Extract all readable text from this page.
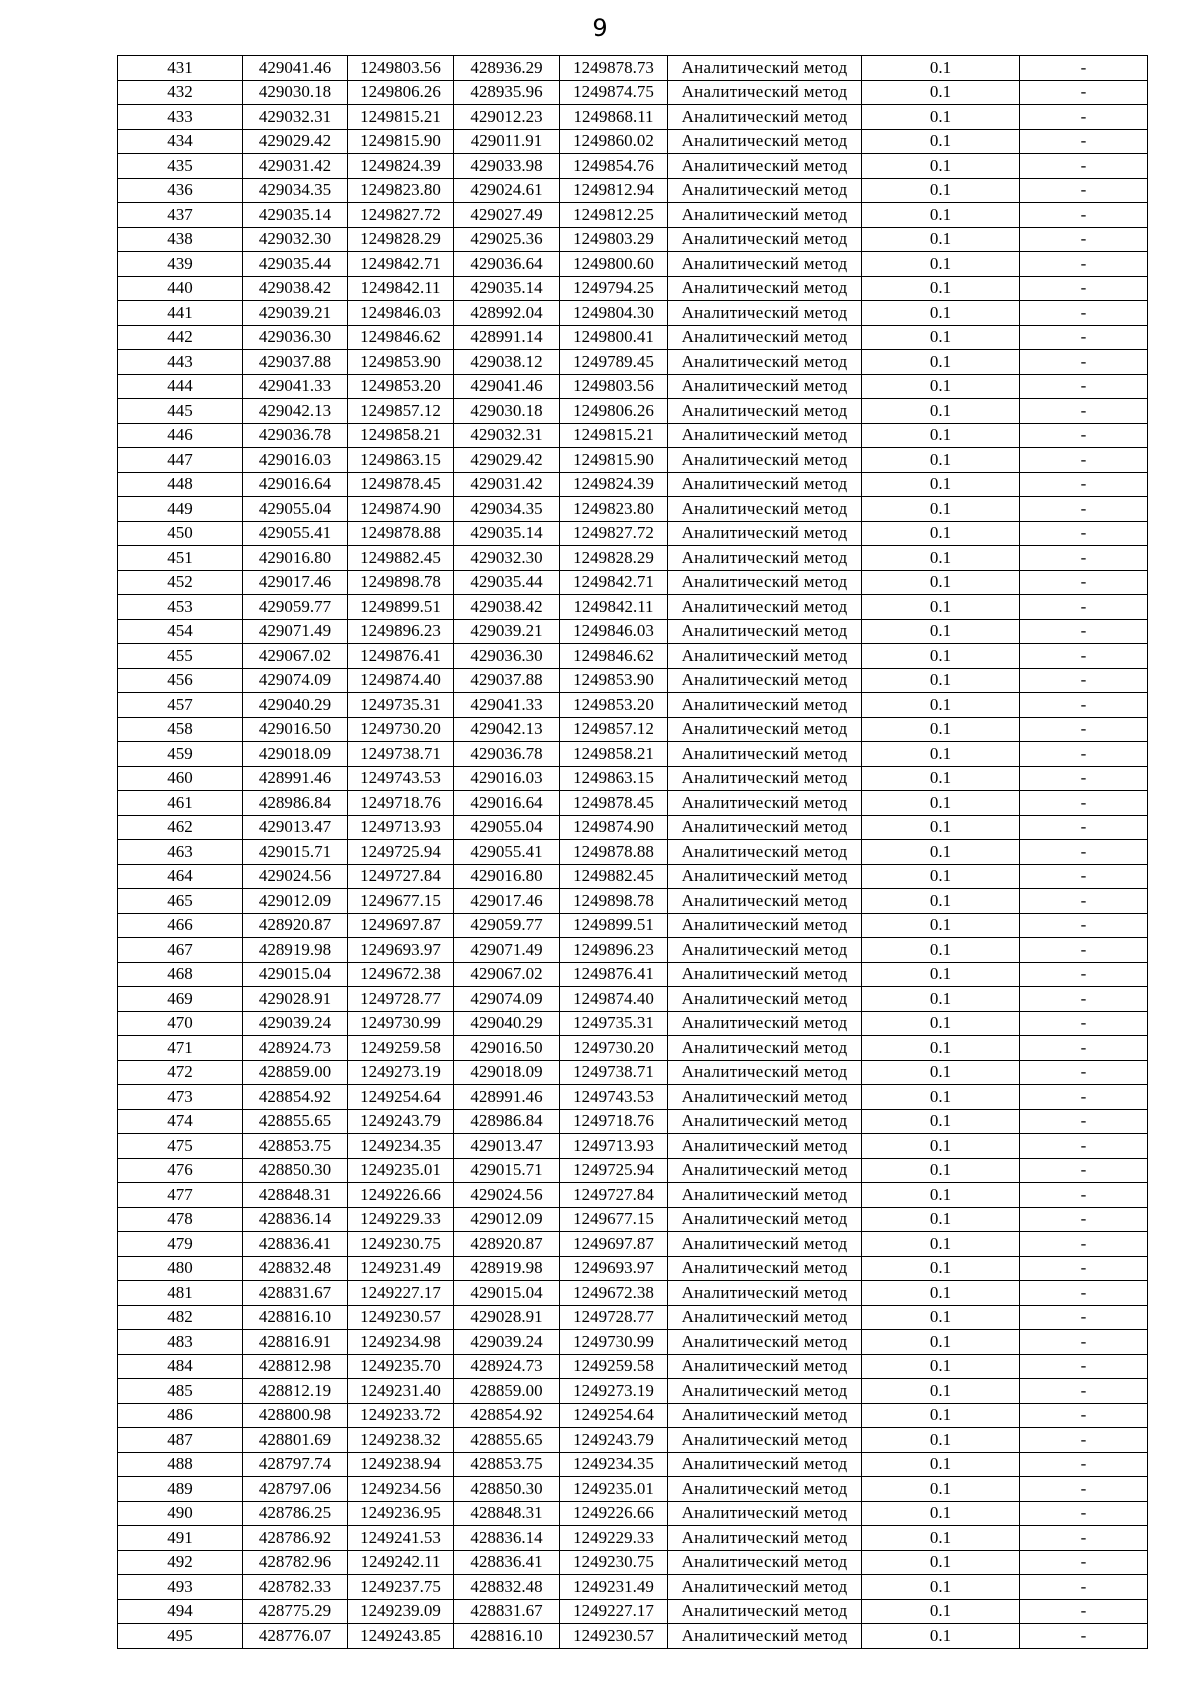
9
431	429041.46	1249803.56	428936.29	1249878.73	Аналитический метод	0.1	-
432	429030.18	1249806.26	428935.96	1249874.75	Аналитический метод	0.1	-
433	429032.31	1249815.21	429012.23	1249868.11	Аналитический метод	0.1	-
434	429029.42	1249815.90	429011.91	1249860.02	Аналитический метод	0.1	-
435	429031.42	1249824.39	429033.98	1249854.76	Аналитический метод	0.1	-
436	429034.35	1249823.80	429024.61	1249812.94	Аналитический метод	0.1	-
437	429035.14	1249827.72	429027.49	1249812.25	Аналитический метод	0.1	-
438	429032.30	1249828.29	429025.36	1249803.29	Аналитический метод	0.1	-
439	429035.44	1249842.71	429036.64	1249800.60	Аналитический метод	0.1	-
440	429038.42	1249842.11	429035.14	1249794.25	Аналитический метод	0.1	-
441	429039.21	1249846.03	428992.04	1249804.30	Аналитический метод	0.1	-
442	429036.30	1249846.62	428991.14	1249800.41	Аналитический метод	0.1	-
443	429037.88	1249853.90	429038.12	1249789.45	Аналитический метод	0.1	-
444	429041.33	1249853.20	429041.46	1249803.56	Аналитический метод	0.1	-
445	429042.13	1249857.12	429030.18	1249806.26	Аналитический метод	0.1	-
446	429036.78	1249858.21	429032.31	1249815.21	Аналитический метод	0.1	-
447	429016.03	1249863.15	429029.42	1249815.90	Аналитический метод	0.1	-
448	429016.64	1249878.45	429031.42	1249824.39	Аналитический метод	0.1	-
449	429055.04	1249874.90	429034.35	1249823.80	Аналитический метод	0.1	-
450	429055.41	1249878.88	429035.14	1249827.72	Аналитический метод	0.1	-
451	429016.80	1249882.45	429032.30	1249828.29	Аналитический метод	0.1	-
452	429017.46	1249898.78	429035.44	1249842.71	Аналитический метод	0.1	-
453	429059.77	1249899.51	429038.42	1249842.11	Аналитический метод	0.1	-
454	429071.49	1249896.23	429039.21	1249846.03	Аналитический метод	0.1	-
455	429067.02	1249876.41	429036.30	1249846.62	Аналитический метод	0.1	-
456	429074.09	1249874.40	429037.88	1249853.90	Аналитический метод	0.1	-
457	429040.29	1249735.31	429041.33	1249853.20	Аналитический метод	0.1	-
458	429016.50	1249730.20	429042.13	1249857.12	Аналитический метод	0.1	-
459	429018.09	1249738.71	429036.78	1249858.21	Аналитический метод	0.1	-
460	428991.46	1249743.53	429016.03	1249863.15	Аналитический метод	0.1	-
461	428986.84	1249718.76	429016.64	1249878.45	Аналитический метод	0.1	-
462	429013.47	1249713.93	429055.04	1249874.90	Аналитический метод	0.1	-
463	429015.71	1249725.94	429055.41	1249878.88	Аналитический метод	0.1	-
464	429024.56	1249727.84	429016.80	1249882.45	Аналитический метод	0.1	-
465	429012.09	1249677.15	429017.46	1249898.78	Аналитический метод	0.1	-
466	428920.87	1249697.87	429059.77	1249899.51	Аналитический метод	0.1	-
467	428919.98	1249693.97	429071.49	1249896.23	Аналитический метод	0.1	-
468	429015.04	1249672.38	429067.02	1249876.41	Аналитический метод	0.1	-
469	429028.91	1249728.77	429074.09	1249874.40	Аналитический метод	0.1	-
470	429039.24	1249730.99	429040.29	1249735.31	Аналитический метод	0.1	-
471	428924.73	1249259.58	429016.50	1249730.20	Аналитический метод	0.1	-
472	428859.00	1249273.19	429018.09	1249738.71	Аналитический метод	0.1	-
473	428854.92	1249254.64	428991.46	1249743.53	Аналитический метод	0.1	-
474	428855.65	1249243.79	428986.84	1249718.76	Аналитический метод	0.1	-
475	428853.75	1249234.35	429013.47	1249713.93	Аналитический метод	0.1	-
476	428850.30	1249235.01	429015.71	1249725.94	Аналитический метод	0.1	-
477	428848.31	1249226.66	429024.56	1249727.84	Аналитический метод	0.1	-
478	428836.14	1249229.33	429012.09	1249677.15	Аналитический метод	0.1	-
479	428836.41	1249230.75	428920.87	1249697.87	Аналитический метод	0.1	-
480	428832.48	1249231.49	428919.98	1249693.97	Аналитический метод	0.1	-
481	428831.67	1249227.17	429015.04	1249672.38	Аналитический метод	0.1	-
482	428816.10	1249230.57	429028.91	1249728.77	Аналитический метод	0.1	-
483	428816.91	1249234.98	429039.24	1249730.99	Аналитический метод	0.1	-
484	428812.98	1249235.70	428924.73	1249259.58	Аналитический метод	0.1	-
485	428812.19	1249231.40	428859.00	1249273.19	Аналитический метод	0.1	-
486	428800.98	1249233.72	428854.92	1249254.64	Аналитический метод	0.1	-
487	428801.69	1249238.32	428855.65	1249243.79	Аналитический метод	0.1	-
488	428797.74	1249238.94	428853.75	1249234.35	Аналитический метод	0.1	-
489	428797.06	1249234.56	428850.30	1249235.01	Аналитический метод	0.1	-
490	428786.25	1249236.95	428848.31	1249226.66	Аналитический метод	0.1	-
491	428786.92	1249241.53	428836.14	1249229.33	Аналитический метод	0.1	-
492	428782.96	1249242.11	428836.41	1249230.75	Аналитический метод	0.1	-
493	428782.33	1249237.75	428832.48	1249231.49	Аналитический метод	0.1	-
494	428775.29	1249239.09	428831.67	1249227.17	Аналитический метод	0.1	-
495	428776.07	1249243.85	428816.10	1249230.57	Аналитический метод	0.1	-
